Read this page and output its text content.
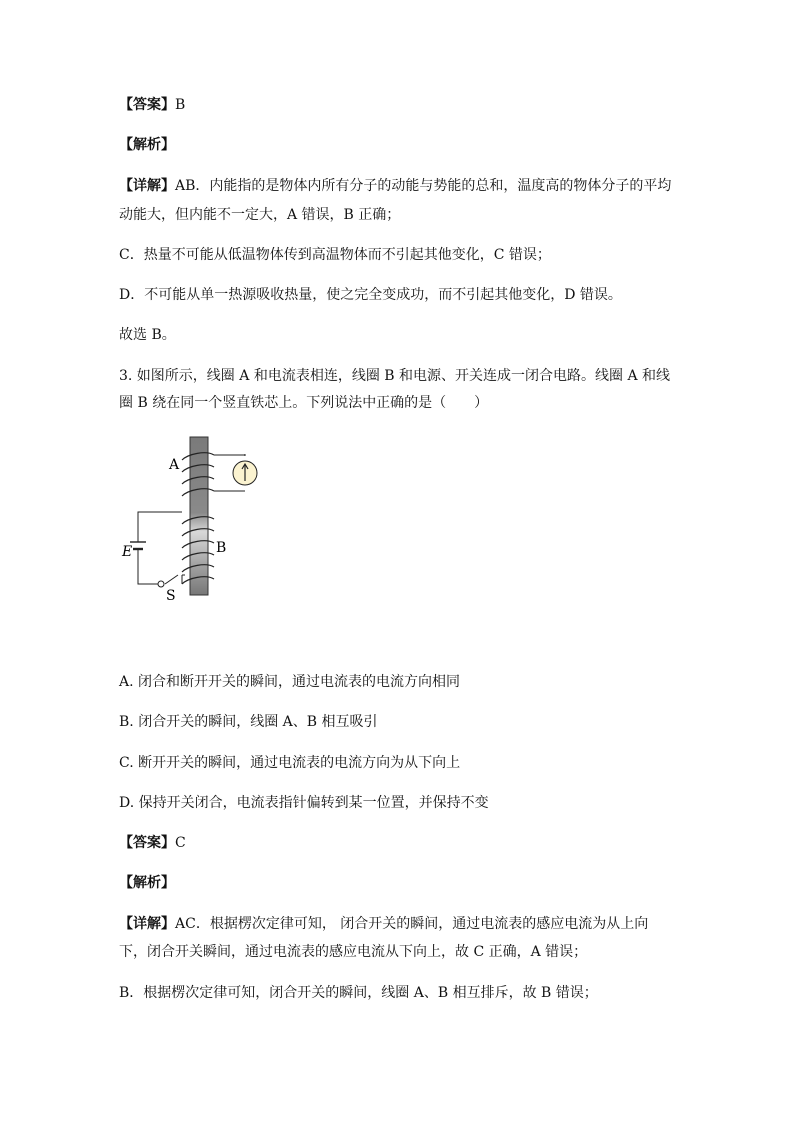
【答案】B
【解析】
【详解】AB．内能指的是物体内所有分子的动能与势能的总和，温度高的物体分子的平均
动能大，但内能不一定大，A 错误，B 正确；
C．热量不可能从低温物体传到高温物体而不引起其他变化，C 错误；
D．不可能从单一热源吸收热量，使之完全变成功，而不引起其他变化，D 错误。
故选 B。
3. 如图所示，线圈 A 和电流表相连，线圈 B 和电源、开关连成一闭合电路。线圈 A 和线
圈 B 绕在同一个竖直铁芯上。下列说法中正确的是（　　）
A
B
E
S
A. 闭合和断开开关的瞬间，通过电流表的电流方向相同
B. 闭合开关的瞬间，线圈 A、B 相互吸引
C. 断开开关的瞬间，通过电流表的电流方向为从下向上
D. 保持开关闭合，电流表指针偏转到某一位置，并保持不变
【答案】C
【解析】
【详解】AC．根据楞次定律可知， 闭合开关的瞬间，通过电流表的感应电流为从上向
下，闭合开关瞬间，通过电流表的感应电流从下向上，故 C 正确，A 错误；
B．根据楞次定律可知，闭合开关的瞬间，线圈 A、B 相互排斥，故 B 错误；
